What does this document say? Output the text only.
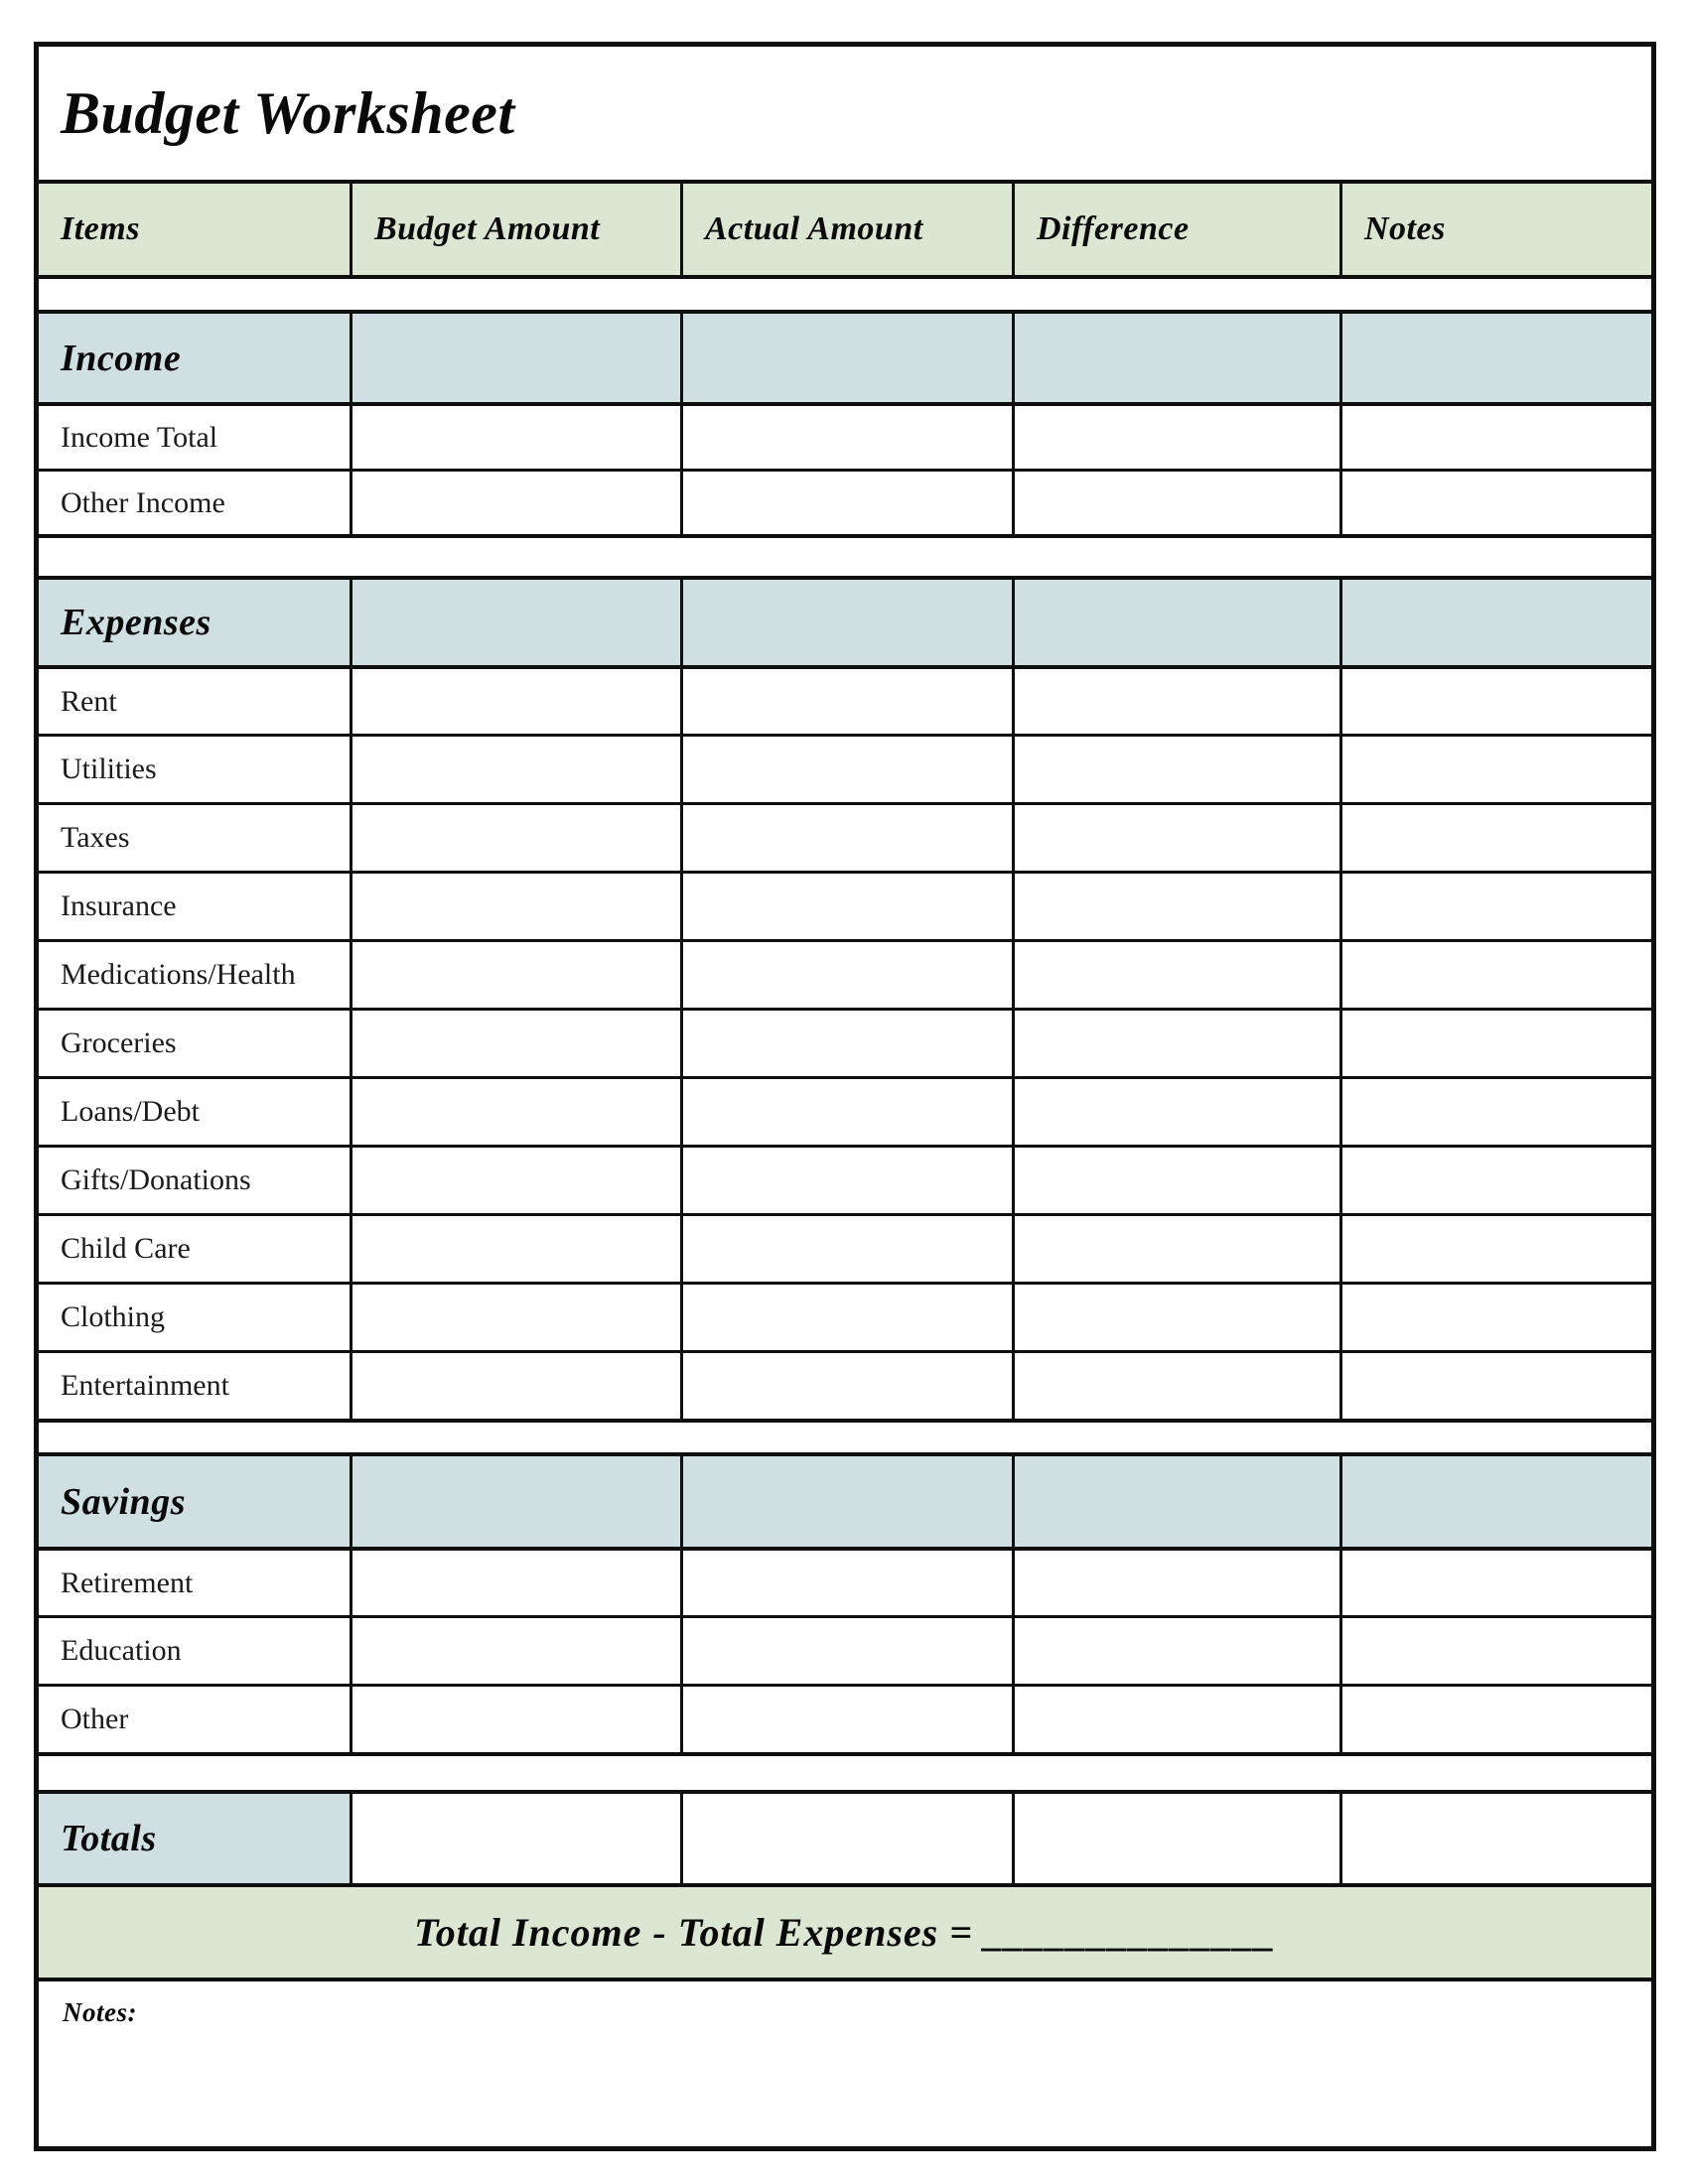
Budget Worksheet
Items	Budget Amount	Actual Amount	Difference	Notes
Income
Income Total
Other Income
Expenses
Rent
Utilities
Taxes
Insurance
Medications/Health
Groceries
Loans/Debt
Gifts/Donations
Child Care
Clothing
Entertainment
Savings
Retirement
Education
Other
Totals
Total Income - Total Expenses = ______________
Notes:
